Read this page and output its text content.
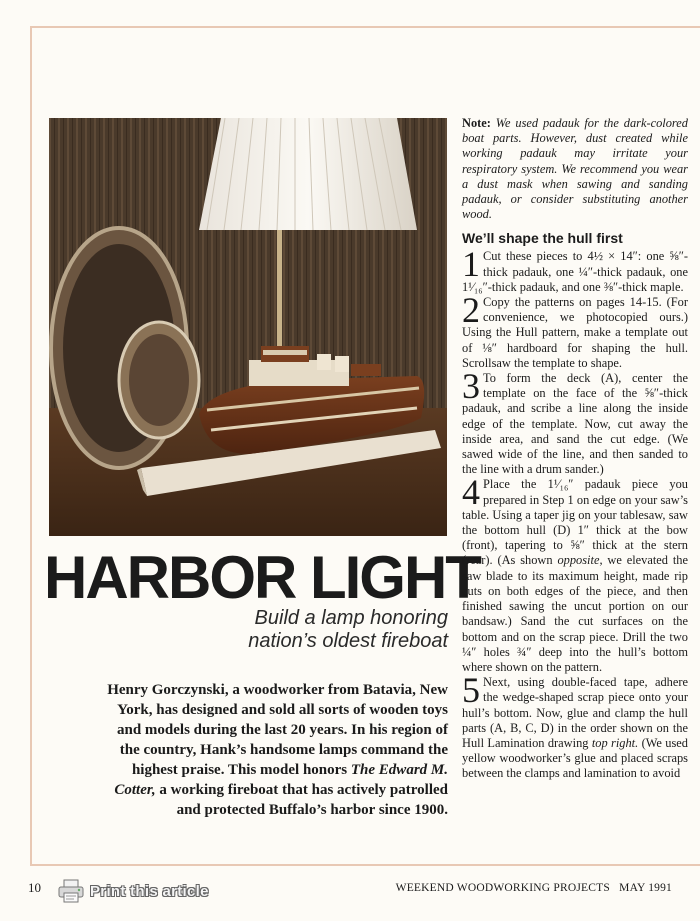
HARBOR LIGHT
Build a lamp honoring
nation’s oldest fireboat
Henry Gorczynski, a woodworker from Batavia, New York, has designed and sold all sorts of wooden toys and models during the last 20 years. In his region of the country, Hank’s handsome lamps command the highest praise. This model honors The Edward M. Cotter, a working fireboat that has actively patrolled and protected Buffalo’s harbor since 1900.

Note: We used padauk for the dark-colored boat parts. However, dust created while working padauk may irritate your respiratory system. We recommend you wear a dust mask when sawing and sanding padauk, or consider substituting another wood.

We’ll shape the hull first

1 Cut these pieces to 4½ × 14″: one ⅝″-thick padauk, one ¼″-thick padauk, one 1¹⁄₁₆″-thick padauk, and one ⅜″-thick maple.

2 Copy the patterns on pages 14-15. (For convenience, we photocopied ours.) Using the Hull pattern, make a template out of ⅛″ hardboard for shaping the hull. Scrollsaw the template to shape.

3 To form the deck (A), center the template on the face of the ⅝″-thick padauk, and scribe a line along the inside edge of the template. Now, cut away the inside area, and sand the cut edge. (We sawed wide of the line, and then sanded to the line with a drum sander.)

4 Place the 1¹⁄₁₆″ padauk piece you prepared in Step 1 on edge on your saw’s table. Using a taper jig on your tablesaw, saw the bottom hull (D) 1″ thick at the bow (front), tapering to ⅝″ thick at the stern (rear). (As shown opposite, we elevated the saw blade to its maximum height, made rip cuts on both edges of the piece, and then finished sawing the uncut portion on our bandsaw.) Sand the cut surfaces on the bottom and on the scrap piece. Drill the two ¼″ holes ¾″ deep into the hull’s bottom where shown on the pattern.

5 Next, using double-faced tape, adhere the wedge-shaped scrap piece onto your hull’s bottom. Now, glue and clamp the hull parts (A, B, C, D) in the order shown on the Hull Lamination drawing top right. (We used yellow woodworker’s glue and placed scraps between the clamps and lamination to avoid

10	Print this article	WEEKEND WOODWORKING PROJECTS   MAY 1991
